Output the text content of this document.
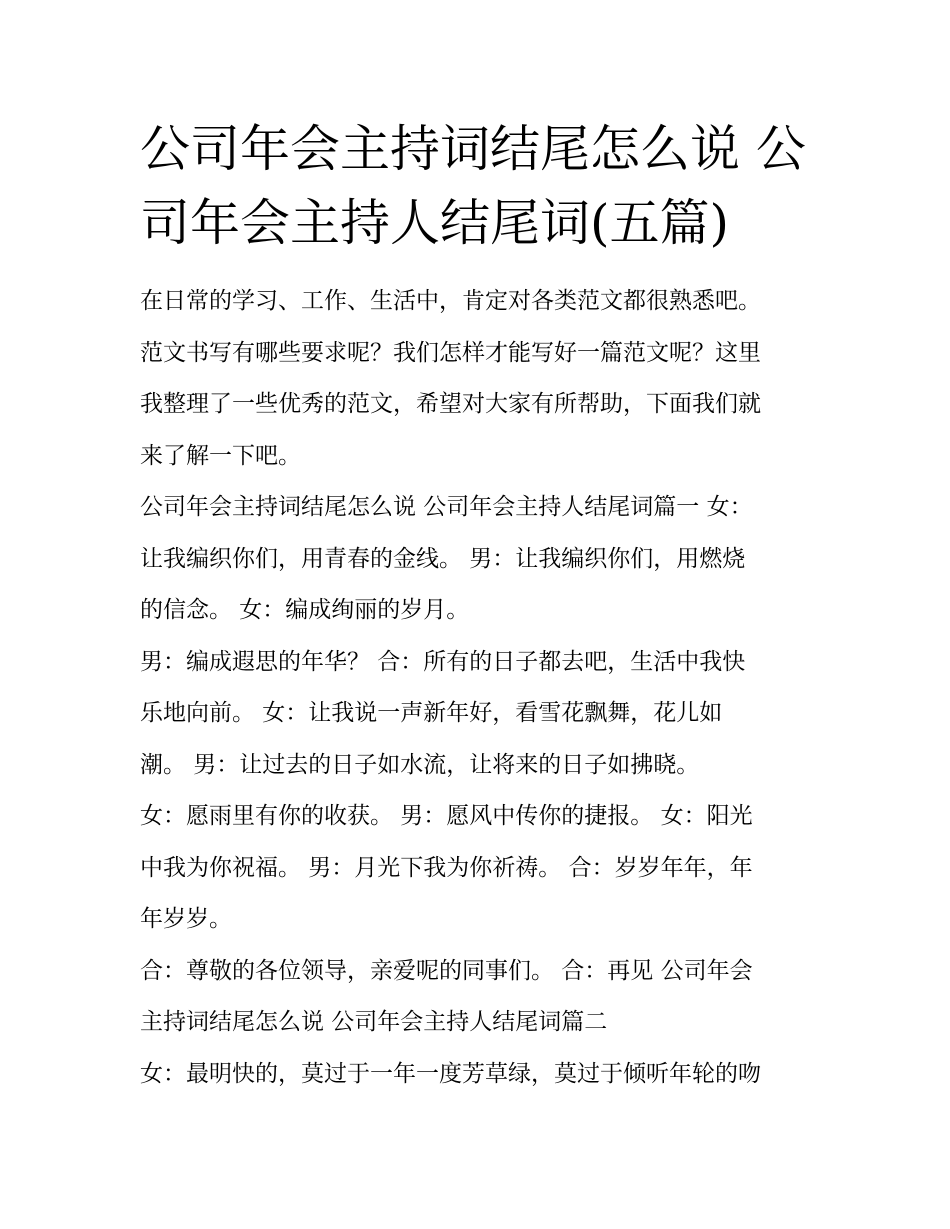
公司年会主持词结尾怎么说 公
司年会主持人结尾词(五篇)

在日常的学习、工作、生活中，肯定对各类范文都很熟悉吧。

范文书写有哪些要求呢？我们怎样才能写好一篇范文呢？这里

我整理了一些优秀的范文，希望对大家有所帮助，下面我们就

来了解一下吧。

公司年会主持词结尾怎么说 公司年会主持人结尾词篇一 女：

让我编织你们，用青春的金线。 男：让我编织你们，用燃烧

的信念。 女：编成绚丽的岁月。

男：编成遐思的年华？ 合：所有的日子都去吧，生活中我快

乐地向前。 女：让我说一声新年好，看雪花飘舞，花儿如

潮。 男：让过去的日子如水流，让将来的日子如拂晓。

女：愿雨里有你的收获。 男：愿风中传你的捷报。 女：阳光

中我为你祝福。 男：月光下我为你祈祷。 合：岁岁年年，年

年岁岁。

合：尊敬的各位领导，亲爱呢的同事们。 合：再见 公司年会

主持词结尾怎么说 公司年会主持人结尾词篇二

女：最明快的，莫过于一年一度芳草绿，莫过于倾听年轮的吻
